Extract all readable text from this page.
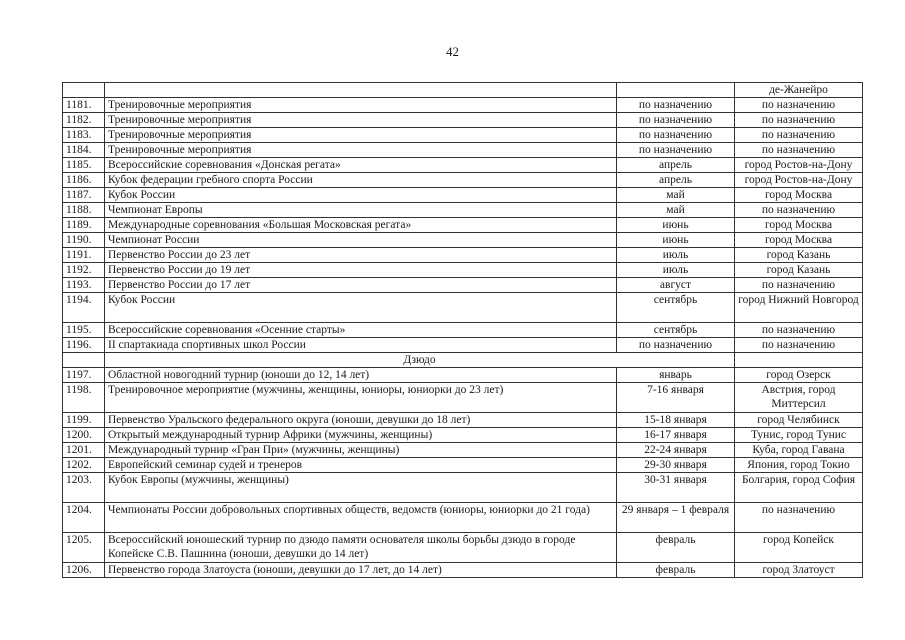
42
			де-Жанейро
1181.	Тренировочные мероприятия	по назначению	по назначению
1182.	Тренировочные мероприятия	по назначению	по назначению
1183.	Тренировочные мероприятия	по назначению	по назначению
1184.	Тренировочные мероприятия	по назначению	по назначению
1185.	Всероссийские соревнования «Донская регата»	апрель	город Ростов-на-Дону
1186.	Кубок федерации гребного спорта России	апрель	город Ростов-на-Дону
1187.	Кубок России	май	город Москва
1188.	Чемпионат Европы	май	по назначению
1189.	Международные соревнования «Большая Московская регата»	июнь	город Москва
1190.	Чемпионат России	июнь	город Москва
1191.	Первенство России до 23 лет	июль	город Казань
1192.	Первенство России до 19 лет	июль	город Казань
1193.	Первенство России до 17 лет	август	по назначению
1194.	Кубок России	сентябрь	город Нижний Новгород
1195.	Всероссийские соревнования «Осенние старты»	сентябрь	по назначению
1196.	II спартакиада спортивных школ России	по назначению	по назначению
	Дзюдо		
1197.	Областной новогодний турнир (юноши до 12, 14 лет)	январь	город Озерск
1198.	Тренировочное мероприятие (мужчины, женщины, юниоры, юниорки до 23 лет)	7-16 января	Австрия, город Миттерсил
1199.	Первенство Уральского федерального округа (юноши, девушки до 18 лет)	15-18 января	город Челябинск
1200.	Открытый международный турнир Африки (мужчины, женщины)	16-17 января	Тунис, город Тунис
1201.	Международный турнир «Гран При» (мужчины, женщины)	22-24 января	Куба, город Гавана
1202.	Европейский семинар судей и тренеров	29-30 января	Япония, город Токио
1203.	Кубок Европы (мужчины, женщины)	30-31 января	Болгария, город София
1204.	Чемпионаты России добровольных спортивных обществ, ведомств (юниоры, юниорки до 21 года)	29 января – 1 февраля	по назначению
1205.	Всероссийский юношеский турнир по дзюдо памяти основателя школы борьбы дзюдо в городе Копейске С.В. Пашнина (юноши, девушки до 14 лет)	февраль	город Копейск
1206.	Первенство города Златоуста (юноши, девушки до 17 лет, до 14 лет)	февраль	город Златоуст
